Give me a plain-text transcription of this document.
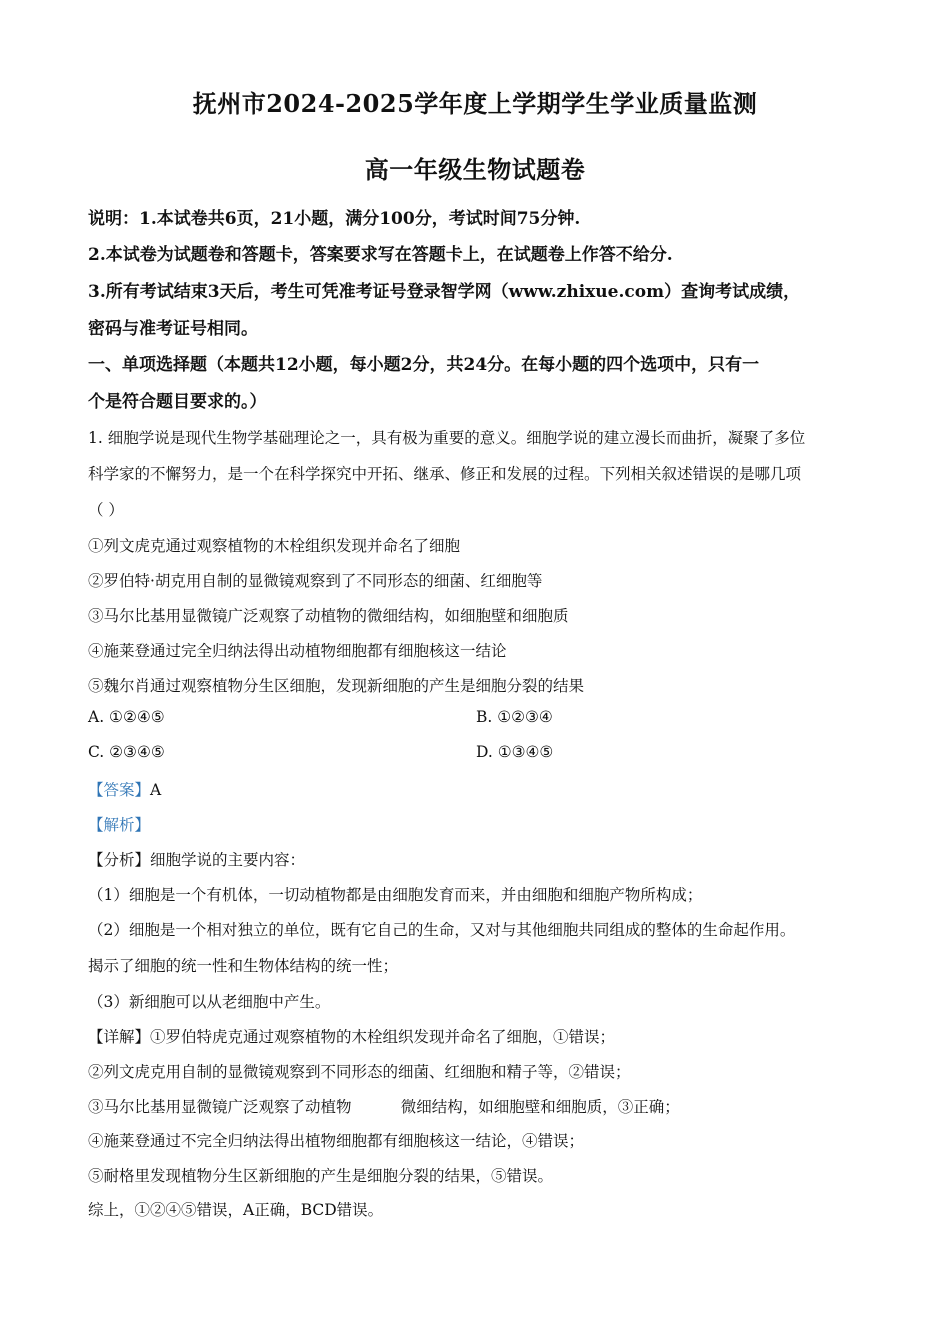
抚州市2024-2025学年度上学期学生学业质量监测
高一年级生物试题卷
说明：1.本试卷共6页，21小题，满分100分，考试时间75分钟.
2.本试卷为试题卷和答题卡，答案要求写在答题卡上，在试题卷上作答不给分.
3.所有考试结束3天后，考生可凭准考证号登录智学网（www.zhixue.com）查询考试成绩，
密码与准考证号相同。
一、单项选择题（本题共12小题，每小题2分，共24分。在每小题的四个选项中，只有一
个是符合题目要求的。）
1. 细胞学说是现代生物学基础理论之一，具有极为重要的意义。细胞学说的建立漫长而曲折，凝聚了多位
科学家的不懈努力，是一个在科学探究中开拓、继承、修正和发展的过程。下列相关叙述错误的是哪几项
（ ）
①列文虎克通过观察植物的木栓组织发现并命名了细胞
②罗伯特·胡克用自制的显微镜观察到了不同形态的细菌、红细胞等
③马尔比基用显微镜广泛观察了动植物的微细结构，如细胞壁和细胞质
④施莱登通过完全归纳法得出动植物细胞都有细胞核这一结论
⑤魏尔肖通过观察植物分生区细胞，发现新细胞的产生是细胞分裂的结果
A. ①②④⑤	B. ①②③④
C. ②③④⑤	D. ①③④⑤
【答案】A
【解析】
【分析】细胞学说的主要内容：
（1）细胞是一个有机体，一切动植物都是由细胞发育而来，并由细胞和细胞产物所构成；
（2）细胞是一个相对独立的单位，既有它自己的生命，又对与其他细胞共同组成的整体的生命起作用。
揭示了细胞的统一性和生物体结构的统一性；
（3）新细胞可以从老细胞中产生。
【详解】①罗伯特虎克通过观察植物的木栓组织发现并命名了细胞，①错误；
②列文虎克用自制的显微镜观察到不同形态的细菌、红细胞和精子等，②错误；
③马尔比基用显微镜广泛观察了动植物          微细结构，如细胞壁和细胞质，③正确；
④施莱登通过不完全归纳法得出植物细胞都有细胞核这一结论，④错误；
⑤耐格里发现植物分生区新细胞的产生是细胞分裂的结果，⑤错误。
综上，①②④⑤错误，A正确，BCD错误。
